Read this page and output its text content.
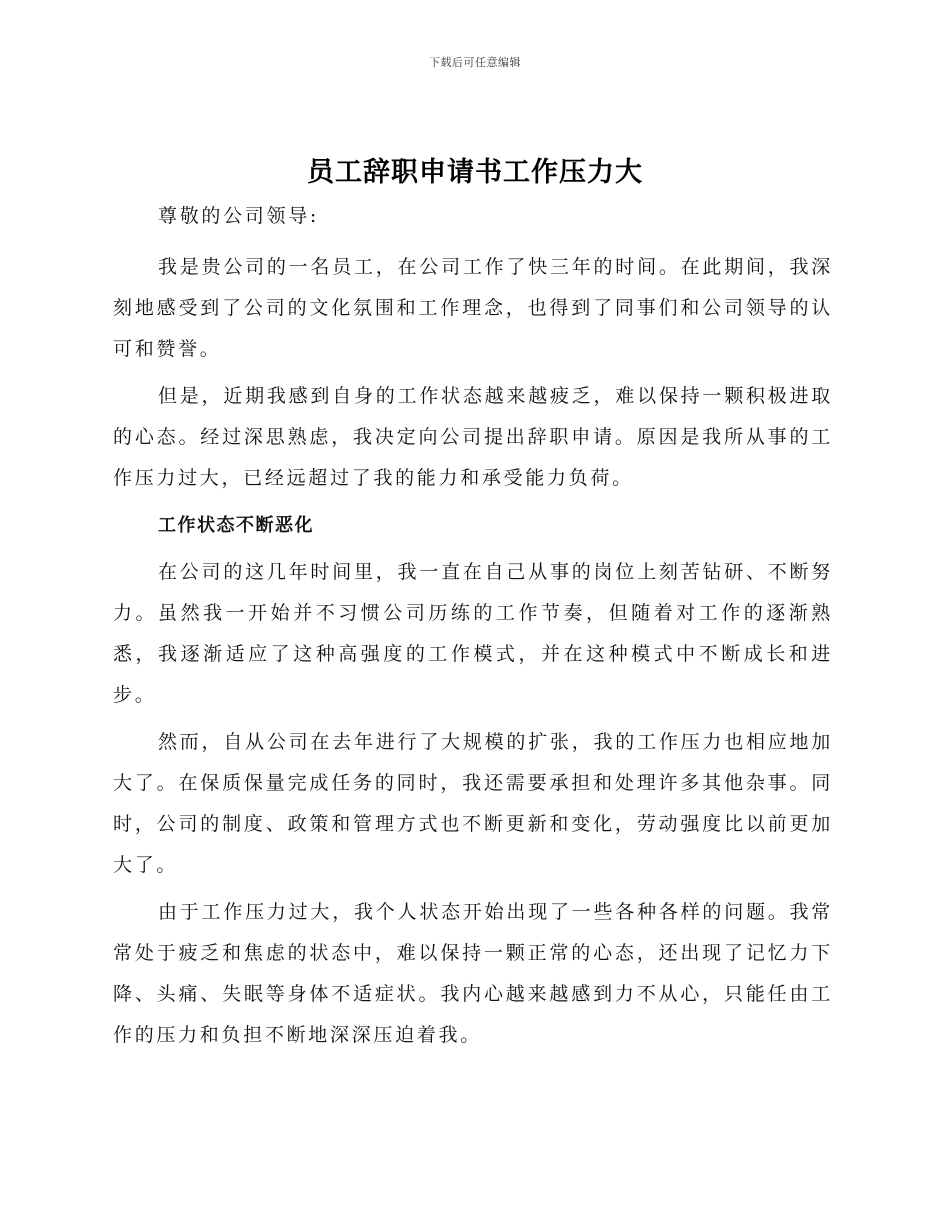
下载后可任意编辑
员工辞职申请书工作压力大

尊敬的公司领导:

我是贵公司的一名员工，在公司工作了快三年的时间。在此期间，我深刻地感受到了公司的文化氛围和工作理念，也得到了同事们和公司领导的认可和赞誉。

但是，近期我感到自身的工作状态越来越疲乏，难以保持一颗积极进取的心态。经过深思熟虑，我决定向公司提出辞职申请。原因是我所从事的工作压力过大，已经远超过了我的能力和承受能力负荷。

工作状态不断恶化

在公司的这几年时间里，我一直在自己从事的岗位上刻苦钻研、不断努力。虽然我一开始并不习惯公司历练的工作节奏，但随着对工作的逐渐熟悉，我逐渐适应了这种高强度的工作模式，并在这种模式中不断成长和进步。

然而，自从公司在去年进行了大规模的扩张，我的工作压力也相应地加大了。在保质保量完成任务的同时，我还需要承担和处理许多其他杂事。同时，公司的制度、政策和管理方式也不断更新和变化，劳动强度比以前更加大了。

由于工作压力过大，我个人状态开始出现了一些各种各样的问题。我常常处于疲乏和焦虑的状态中，难以保持一颗正常的心态，还出现了记忆力下降、头痛、失眠等身体不适症状。我内心越来越感到力不从心，只能任由工作的压力和负担不断地深深压迫着我。
